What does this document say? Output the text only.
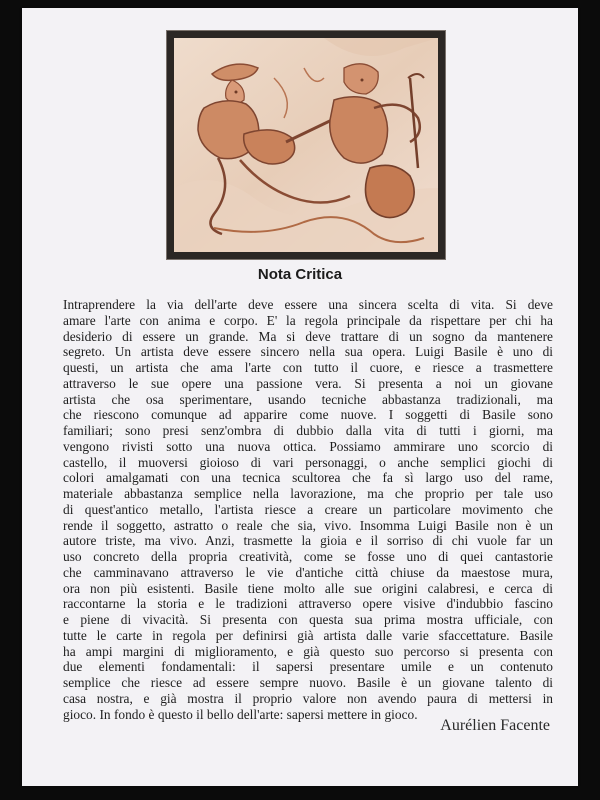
Nota Critica
Intraprendere la via dell'arte deve essere una sincera scelta di vita. Si deve
amare l'arte con anima e corpo. E' la regola principale da rispettare per chi ha
desiderio di essere un grande. Ma si deve trattare di un sogno da mantenere
segreto. Un artista deve essere sincero nella sua opera. Luigi Basile è uno di
questi, un artista che ama l'arte con tutto il cuore, e riesce a trasmettere
attraverso le sue opere una passione vera. Si presenta a noi un giovane
artista che osa sperimentare, usando tecniche abbastanza tradizionali, ma
che riescono comunque ad apparire come nuove. I soggetti di Basile sono
familiari; sono presi senz'ombra di dubbio dalla vita di tutti i giorni, ma
vengono rivisti sotto una nuova ottica. Possiamo ammirare uno scorcio di
castello, il muoversi gioioso di vari personaggi, o anche semplici giochi di
colori amalgamati con una tecnica scultorea che fa sì largo uso del rame,
materiale abbastanza semplice nella lavorazione, ma che proprio per tale uso
di quest'antico metallo, l'artista riesce a creare un particolare movimento che
rende il soggetto, astratto o reale che sia, vivo. Insomma Luigi Basile non è un
autore triste, ma vivo. Anzi, trasmette la gioia e il sorriso di chi vuole far un
uso concreto della propria creatività, come se fosse uno di quei cantastorie
che camminavano attraverso le vie d'antiche città chiuse da maestose mura,
ora non più esistenti. Basile tiene molto alle sue origini calabresi, e cerca di
raccontarne la storia e le tradizioni attraverso opere visive d'indubbio fascino
e piene di vivacità. Si presenta con questa sua prima mostra ufficiale, con
tutte le carte in regola per definirsi già artista dalle varie sfaccettature. Basile
ha ampi margini di miglioramento, e già questo suo percorso si presenta con
due elementi fondamentali: il sapersi presentare umile e un contenuto
semplice che riesce ad essere sempre nuovo. Basile è un giovane talento di
casa nostra, e già mostra il proprio valore non avendo paura di mettersi in
gioco. In fondo è questo il bello dell'arte: sapersi mettere in gioco.
Aurélien Facente
